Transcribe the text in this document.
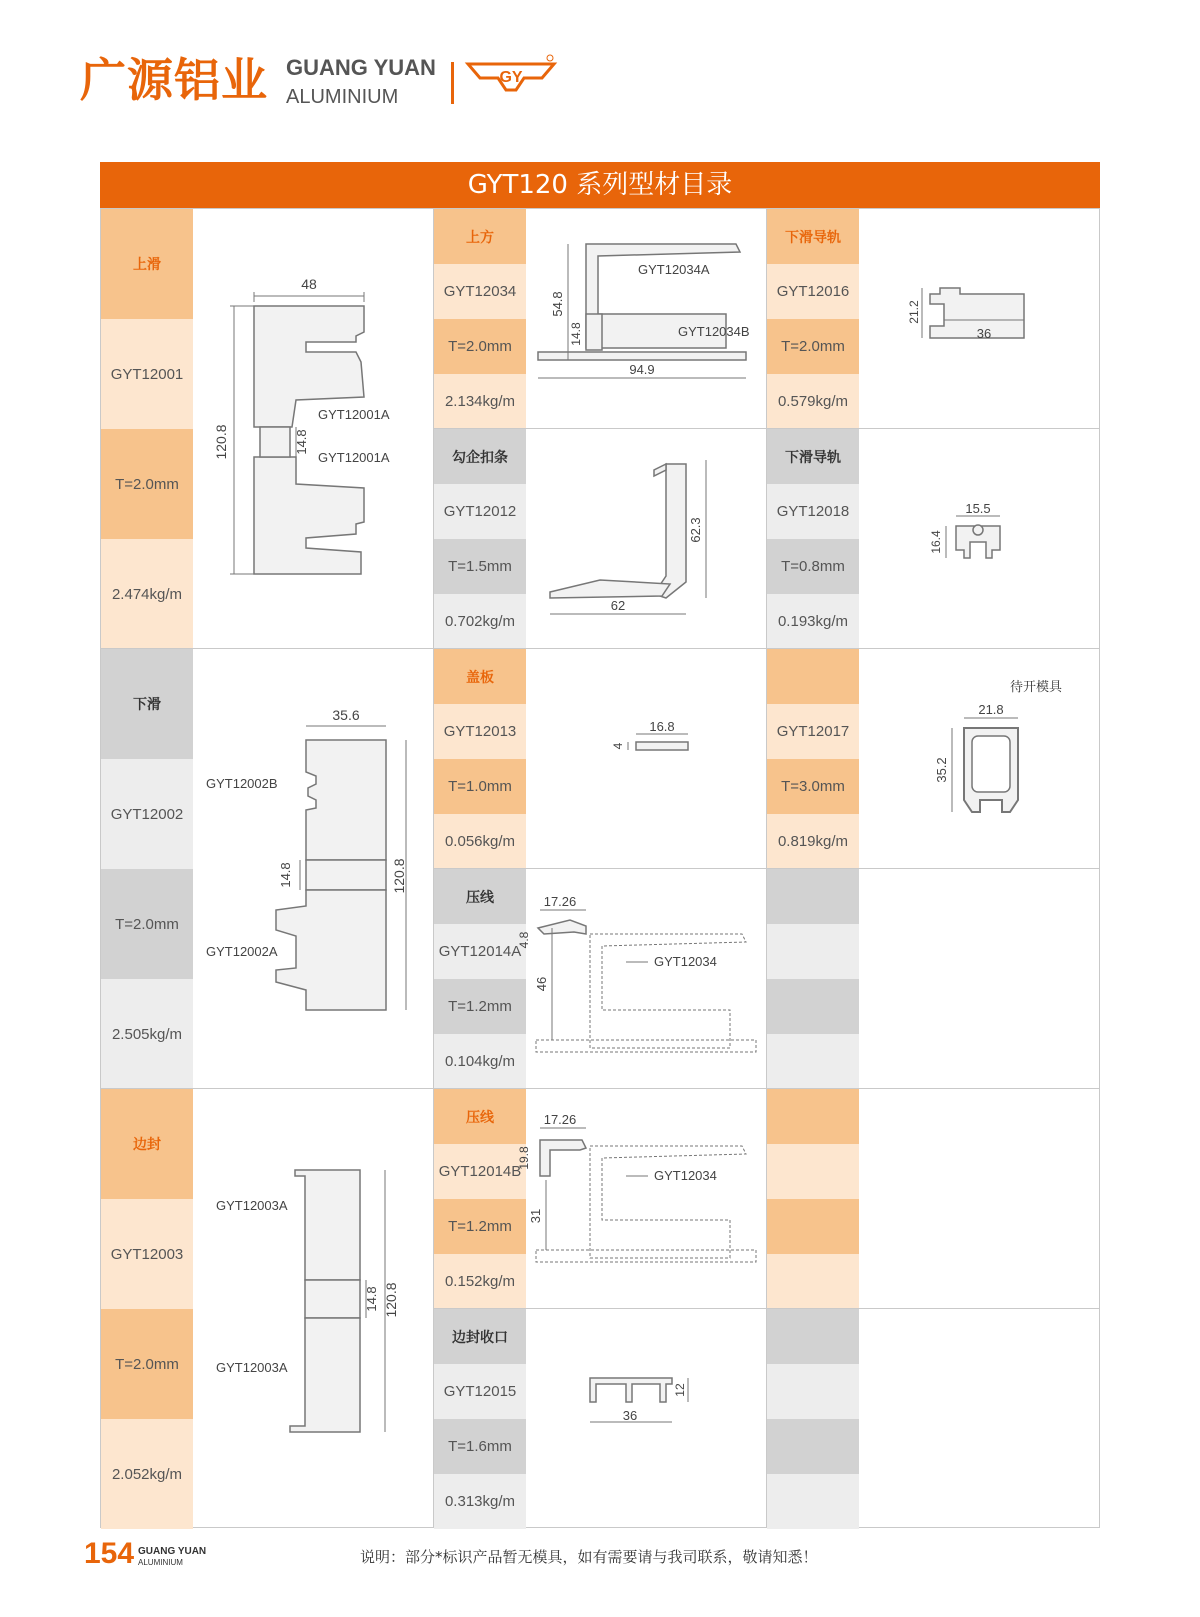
广源铝业 GUANG YUAN
ALUMINIUM
GY
GYT120 系列型材目录
上滑
GYT12001
T=2.0mm
2.474kg/m
下滑
GYT12002
T=2.0mm
2.505kg/m
边封
GYT12003
T=2.0mm
2.052kg/m
上方
GYT12034
T=2.0mm
2.134kg/m
勾企扣条
GYT12012
T=1.5mm
0.702kg/m
盖板
GYT12013
T=1.0mm
0.056kg/m
压线
GYT12014A
T=1.2mm
0.104kg/m
压线
GYT12014B
T=1.2mm
0.152kg/m
边封收口
GYT12015
T=1.6mm
0.313kg/m
下滑导轨
GYT12016
T=2.0mm
0.579kg/m
下滑导轨
GYT12018
T=0.8mm
0.193kg/m
GYT12017
T=3.0mm
0.819kg/m
48
120.8	14.8
GYT12001A
GYT12001A
35.6
120.8
14.8
GYT12002B
GYT12002A
120.8
14.8
GYT12003A
GYT12003A
94.9
54.8
14.8
GYT12034A
GYT12034B
62
62.3
16.8
4
17.26
4.8
46
GYT12034
17.26
19.8
31
GYT12034
36
12
36
21.2
15.5
16.4
待开模具
21.8
35.2
154 GUANG YUAN
ALUMINIUM	说明：部分*标识产品暂无模具，如有需要请与我司联系，敬请知悉！
